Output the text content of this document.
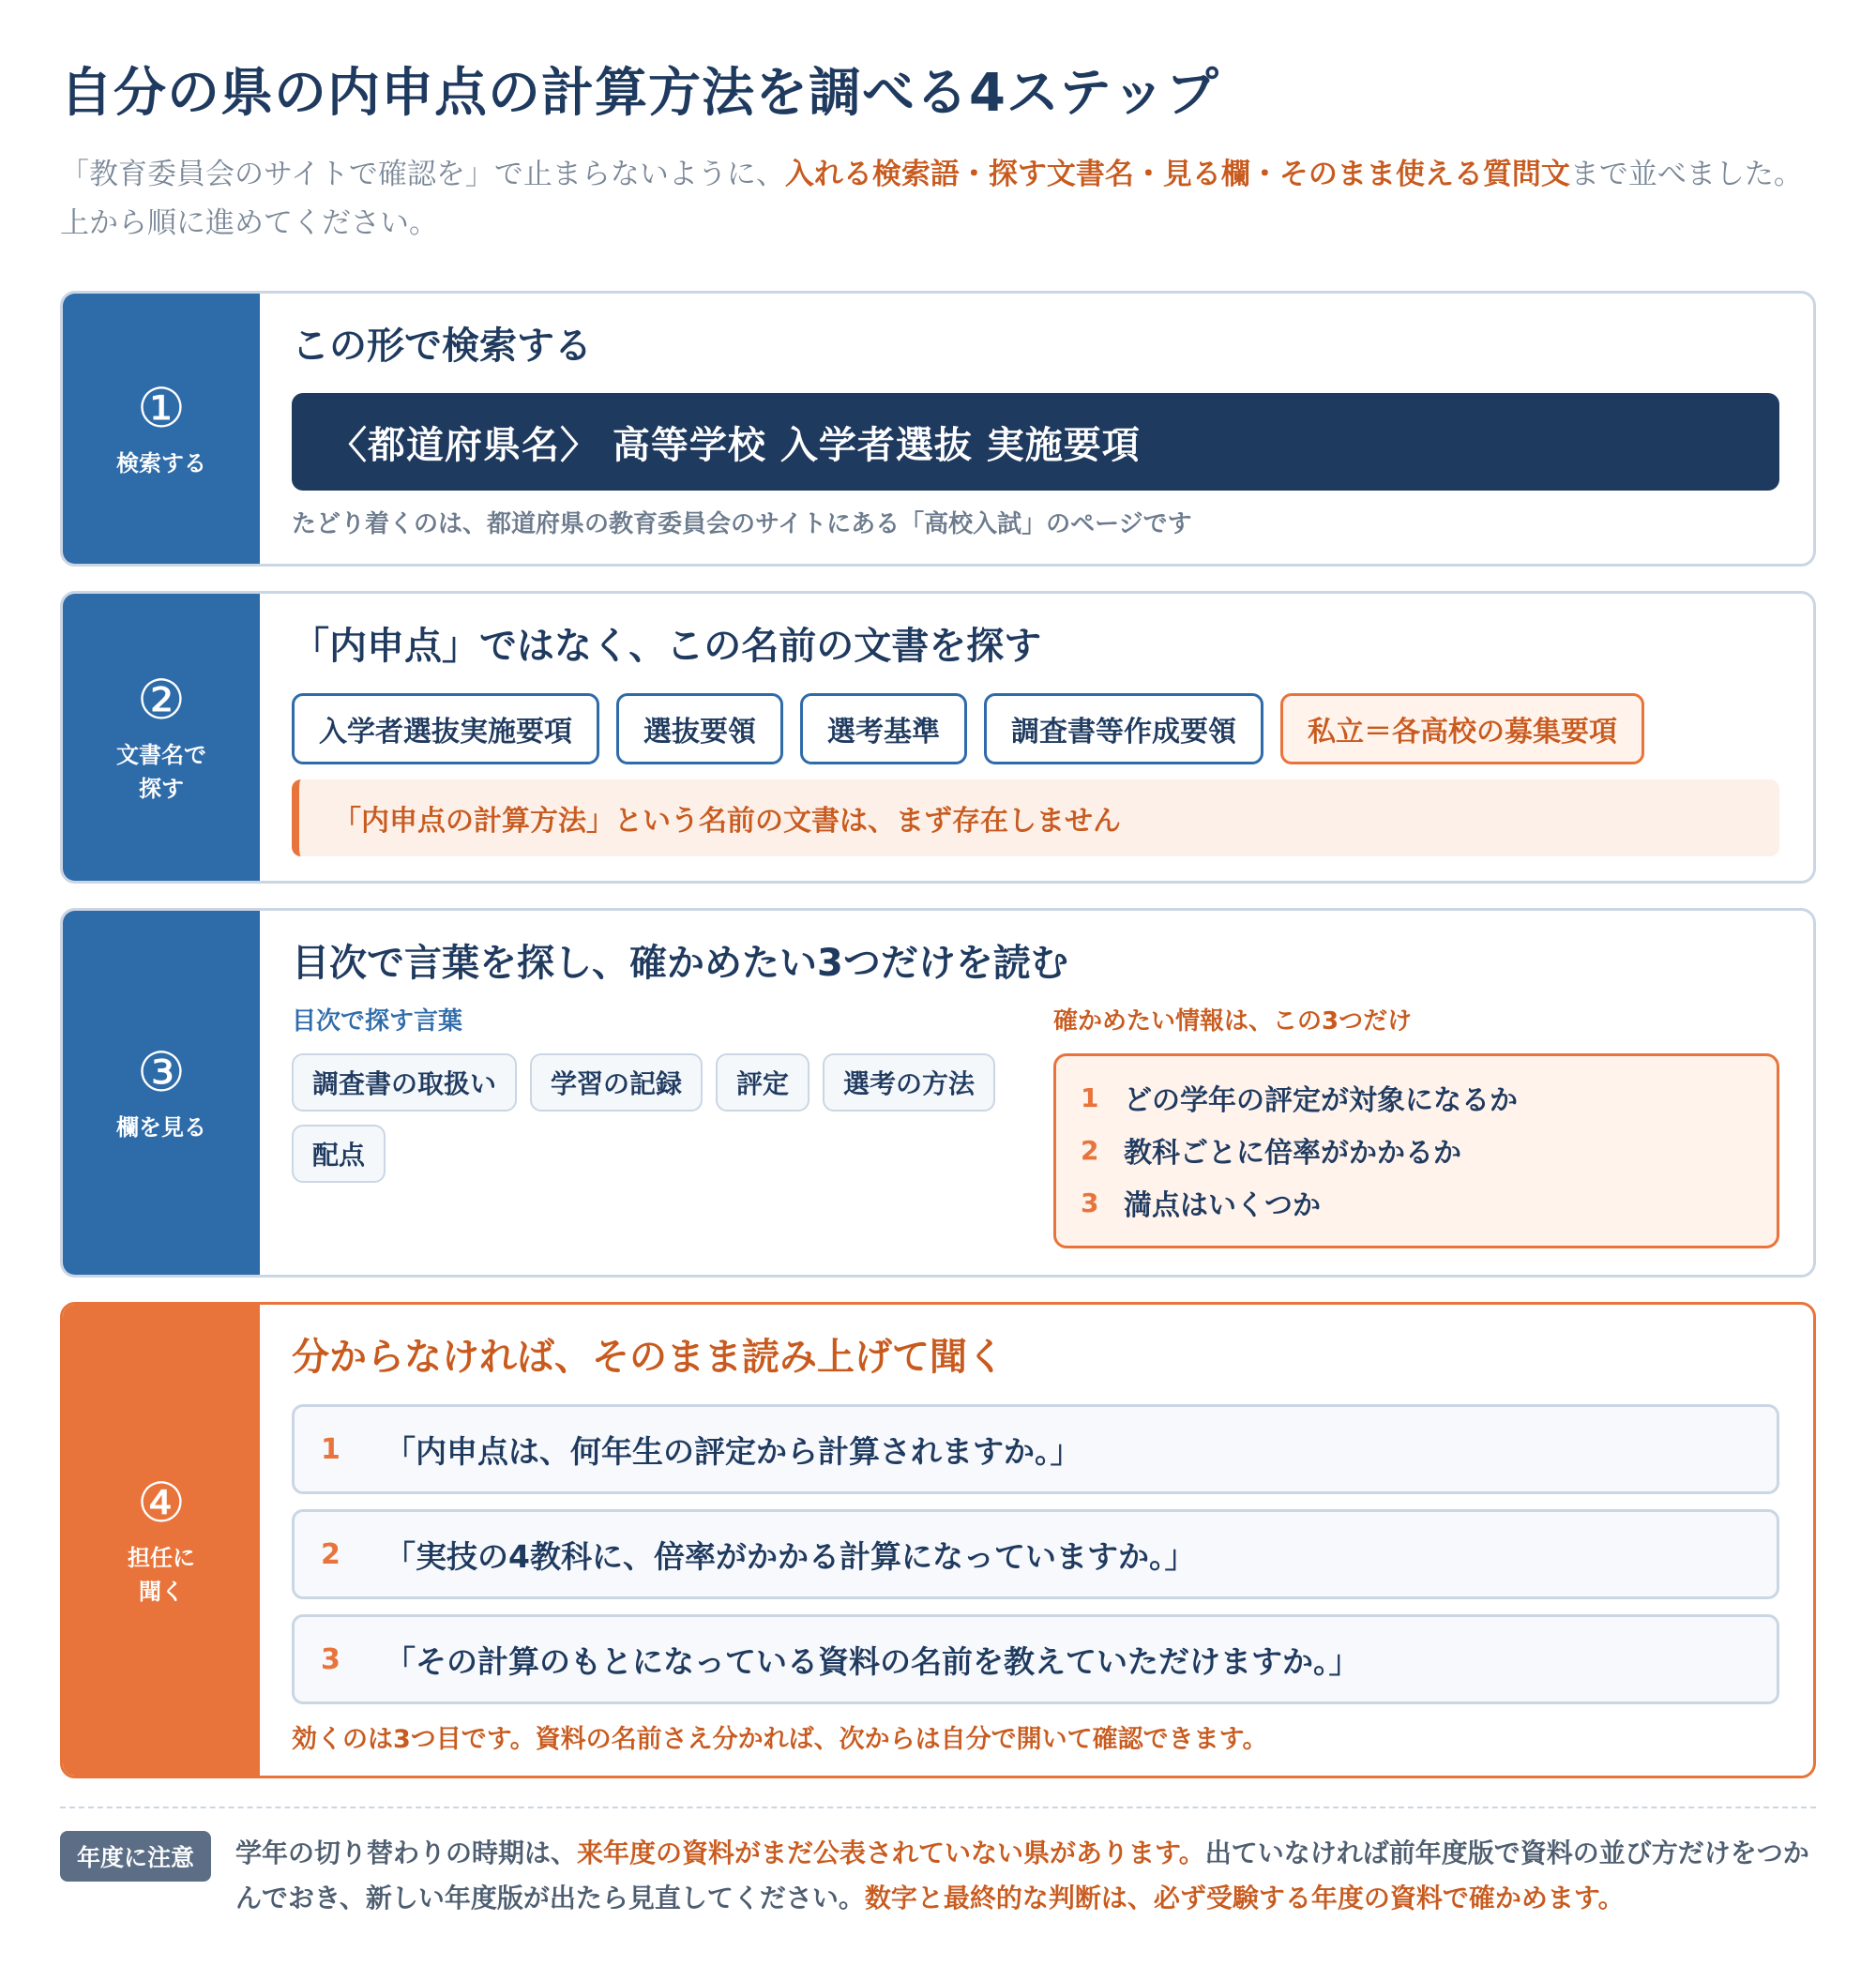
自分の県の内申点の計算方法を調べる4ステップ
「教育委員会のサイトで確認を」で止まらないように、入れる検索語・探す文書名・見る欄・そのまま使える質問文まで並べました。上から順に進めてください。
①
検索する
この形で検索する
〈都道府県名〉 高等学校 入学者選抜 実施要項
たどり着くのは、都道府県の教育委員会のサイトにある「高校入試」のページです
②
文書名で
探す
「内申点」ではなく、この名前の文書を探す
入学者選抜実施要項	選抜要領	選考基準	調査書等作成要領	私立＝各高校の募集要項
「内申点の計算方法」という名前の文書は、まず存在しません
③
欄を見る
目次で言葉を探し、確かめたい3つだけを読む
目次で探す言葉
調査書の取扱い	学習の記録	評定	選考の方法
配点
確かめたい情報は、この3つだけ
1 どの学年の評定が対象になるか
2 教科ごとに倍率がかかるか
3 満点はいくつか
④
担任に
聞く
分からなければ、そのまま読み上げて聞く
1	「内申点は、何年生の評定から計算されますか。」
2	「実技の4教科に、倍率がかかる計算になっていますか。」
3	「その計算のもとになっている資料の名前を教えていただけますか。」
効くのは3つ目です。資料の名前さえ分かれば、次からは自分で開いて確認できます。
年度に注意	学年の切り替わりの時期は、来年度の資料がまだ公表されていない県があります。出ていなければ前年度版で資料の並び方だけをつかんでおき、新しい年度版が出たら見直してください。数字と最終的な判断は、必ず受験する年度の資料で確かめます。
